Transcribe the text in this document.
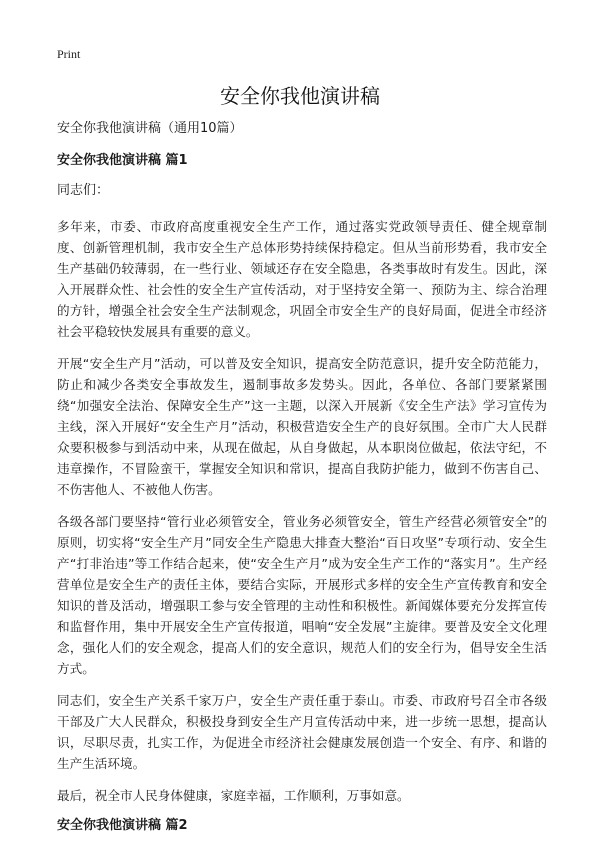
Print
安全你我他演讲稿

安全你我他演讲稿（通用10篇）

安全你我他演讲稿 篇1

同志们：

多年来，市委、市政府高度重视安全生产工作，通过落实党政领导责任、健全规章制度、创新管理机制，我市安全生产总体形势持续保持稳定。但从当前形势看，我市安全生产基础仍较薄弱，在一些行业、领域还存在安全隐患，各类事故时有发生。因此，深入开展群众性、社会性的安全生产宣传活动，对于坚持安全第一、预防为主、综合治理的方针，增强全社会安全生产法制观念，巩固全市安全生产的良好局面，促进全市经济社会平稳较快发展具有重要的意义。

开展“安全生产月”活动，可以普及安全知识，提高安全防范意识，提升安全防范能力，防止和减少各类安全事故发生，遏制事故多发势头。因此，各单位、各部门要紧紧围绕“加强安全法治、保障安全生产”这一主题，以深入开展新《安全生产法》学习宣传为主线，深入开展好“安全生产月”活动，积极营造安全生产的良好氛围。全市广大人民群众要积极参与到活动中来，从现在做起，从自身做起，从本职岗位做起，依法守纪，不违章操作，不冒险蛮干，掌握安全知识和常识，提高自我防护能力，做到不伤害自己、不伤害他人、不被他人伤害。

各级各部门要坚持“管行业必须管安全，管业务必须管安全，管生产经营必须管安全”的原则，切实将“安全生产月”同安全生产隐患大排查大整治“百日攻坚”专项行动、安全生产“打非治违”等工作结合起来，使“安全生产月”成为安全生产工作的“落实月”。生产经营单位是安全生产的责任主体，要结合实际，开展形式多样的安全生产宣传教育和安全知识的普及活动，增强职工参与安全管理的主动性和积极性。新闻媒体要充分发挥宣传和监督作用，集中开展安全生产宣传报道，唱响“安全发展”主旋律。要普及安全文化理念，强化人们的安全观念，提高人们的安全意识，规范人们的安全行为，倡导安全生活方式。

同志们，安全生产关系千家万户，安全生产责任重于泰山。市委、市政府号召全市各级干部及广大人民群众，积极投身到安全生产月宣传活动中来，进一步统一思想，提高认识，尽职尽责，扎实工作，为促进全市经济社会健康发展创造一个安全、有序、和谐的生产生活环境。

最后，祝全市人民身体健康，家庭幸福，工作顺利，万事如意。

安全你我他演讲稿 篇2
